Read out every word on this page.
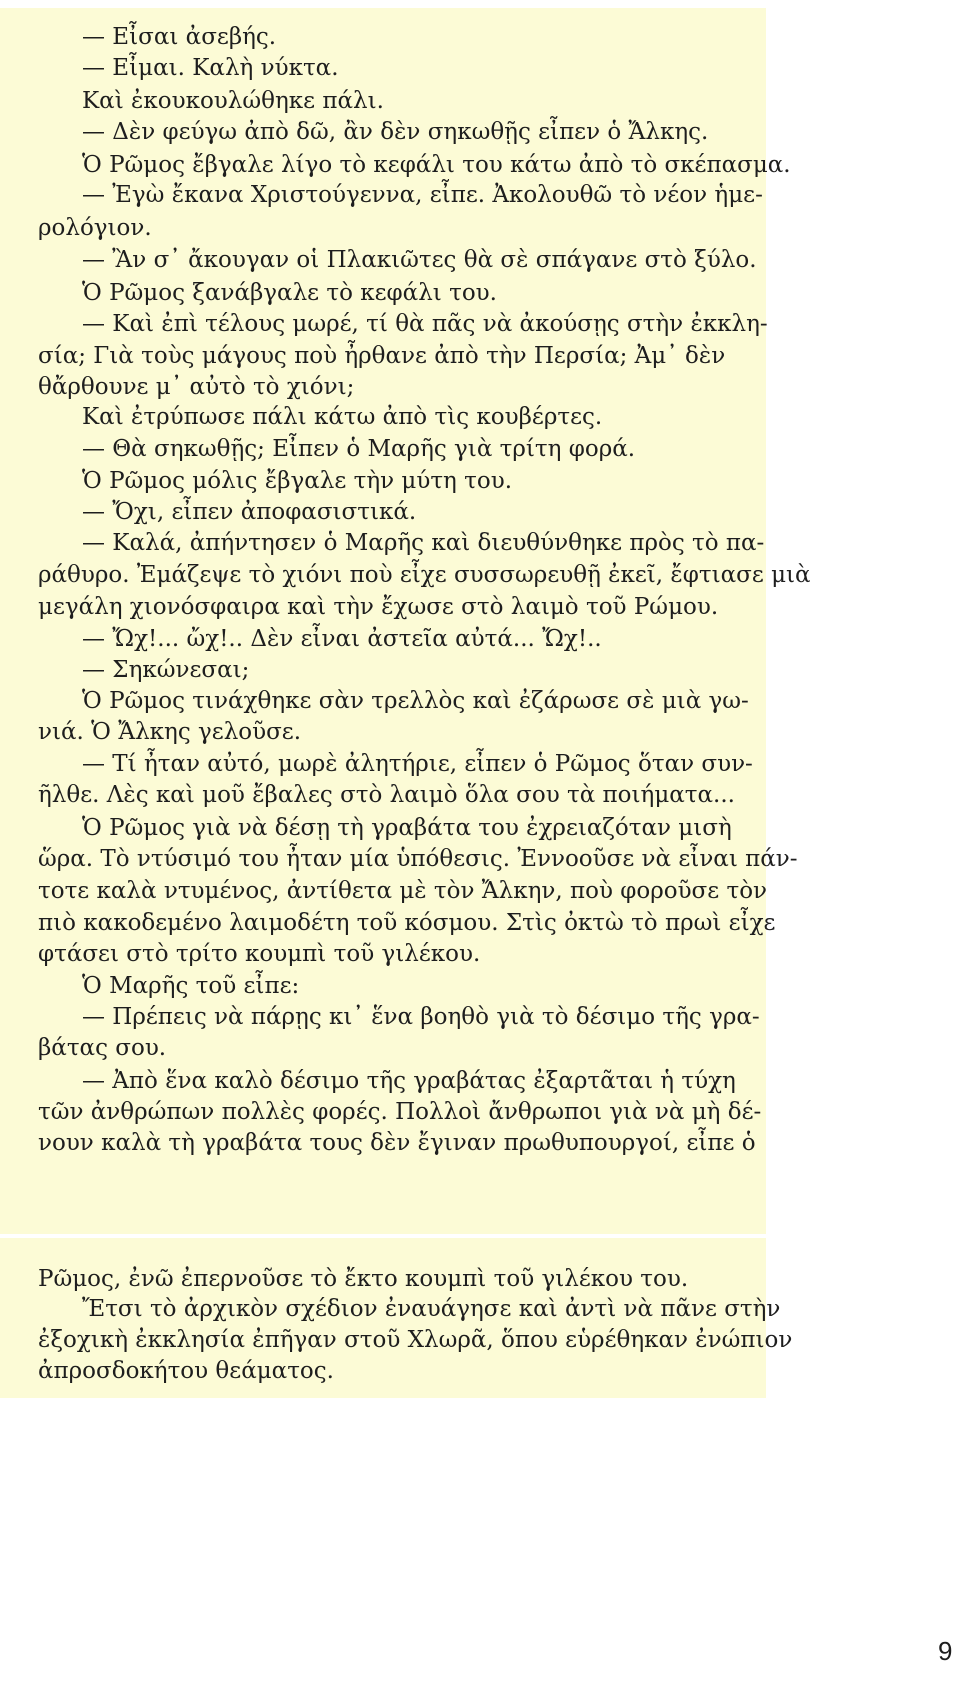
— Εἶσαι ἀσεβής.
— Εἶμαι. Καλὴ νύκτα.
Καὶ ἐκουκουλώθηκε πάλι.
— Δὲν φεύγω ἀπὸ δῶ, ἂν δὲν σηκωθῇς εἶπεν ὁ Ἄλκης.
Ὁ Ρῶμος ἔβγαλε λίγο τὸ κεφάλι του κάτω ἀπὸ τὸ σκέπασμα.
— Ἐγὼ ἔκανα Χριστούγεννα, εἶπε. Ἀκολουθῶ τὸ νέον ἡμε-
ρολόγιον.
— Ἂν σ᾽ ἄκουγαν οἱ Πλακιῶτες θὰ σὲ σπάγανε στὸ ξύλο.
Ὁ Ρῶμος ξανάβγαλε τὸ κεφάλι του.
— Καὶ ἐπὶ τέλους μωρέ, τί θὰ πᾶς νὰ ἀκούσῃς στὴν ἐκκλη-
σία; Γιὰ τοὺς μάγους ποὺ ἦρθανε ἀπὸ τὴν Περσία; Ἀμ᾽ δὲν
θἄρθουνε μ᾽ αὐτὸ τὸ χιόνι;
Καὶ ἐτρύπωσε πάλι κάτω ἀπὸ τὶς κουβέρτες.
— Θὰ σηκωθῇς; Εἶπεν ὁ Μαρῆς γιὰ τρίτη φορά.
Ὁ Ρῶμος μόλις ἔβγαλε τὴν μύτη του.
— Ὄχι, εἶπεν ἀποφασιστικά.
— Καλά, ἀπήντησεν ὁ Μαρῆς καὶ διευθύνθηκε πρὸς τὸ πα-
ράθυρο. Ἐμάζεψε τὸ χιόνι ποὺ εἶχε συσσωρευθῇ ἐκεῖ, ἔφτιασε μιὰ
μεγάλη χιονόσφαιρα καὶ τὴν ἔχωσε στὸ λαιμὸ τοῦ Ρώμου.
— Ὤχ!... ὤχ!.. Δὲν εἶναι ἀστεῖα αὐτά... Ὤχ!..
— Σηκώνεσαι;
Ὁ Ρῶμος τινάχθηκε σὰν τρελλὸς καὶ ἐζάρωσε σὲ μιὰ γω-
νιά. Ὁ Ἄλκης γελοῦσε.
— Τί ἦταν αὐτό, μωρὲ ἀλητήριε, εἶπεν ὁ Ρῶμος ὅταν συν-
ῆλθε. Λὲς καὶ μοῦ ἔβαλες στὸ λαιμὸ ὅλα σου τὰ ποιήματα...
Ὁ Ρῶμος γιὰ νὰ δέσῃ τὴ γραβάτα του ἐχρειαζόταν μισὴ
ὥρα. Τὸ ντύσιμό του ἦταν μία ὑπόθεσις. Ἐννοοῦσε νὰ εἶναι πάν-
τοτε καλὰ ντυμένος, ἀντίθετα μὲ τὸν Ἄλκην, ποὺ φοροῦσε τὸν
πιὸ κακοδεμένο λαιμοδέτη τοῦ κόσμου. Στὶς ὀκτὼ τὸ πρωὶ εἶχε
φτάσει στὸ τρίτο κουμπὶ τοῦ γιλέκου.
Ὁ Μαρῆς τοῦ εἶπε:
— Πρέπεις νὰ πάρῃς κι᾽ ἕνα βοηθὸ γιὰ τὸ δέσιμο τῆς γρα-
βάτας σου.
— Ἀπὸ ἕνα καλὸ δέσιμο τῆς γραβάτας ἐξαρτᾶται ἡ τύχη
τῶν ἀνθρώπων πολλὲς φορές. Πολλοὶ ἄνθρωποι γιὰ νὰ μὴ δέ-
νουν καλὰ τὴ γραβάτα τους δὲν ἔγιναν πρωθυπουργοί, εἶπε ὁ
Ρῶμος, ἐνῶ ἐπερνοῦσε τὸ ἔκτο κουμπὶ τοῦ γιλέκου του.
Ἔτσι τὸ ἀρχικὸν σχέδιον ἐναυάγησε καὶ ἀντὶ νὰ πᾶνε στὴν
ἐξοχικὴ ἐκκλησία ἐπῆγαν στοῦ Χλωρᾶ, ὅπου εὑρέθηκαν ἐνώπιον
ἀπροσδοκήτου θεάματος.
9
